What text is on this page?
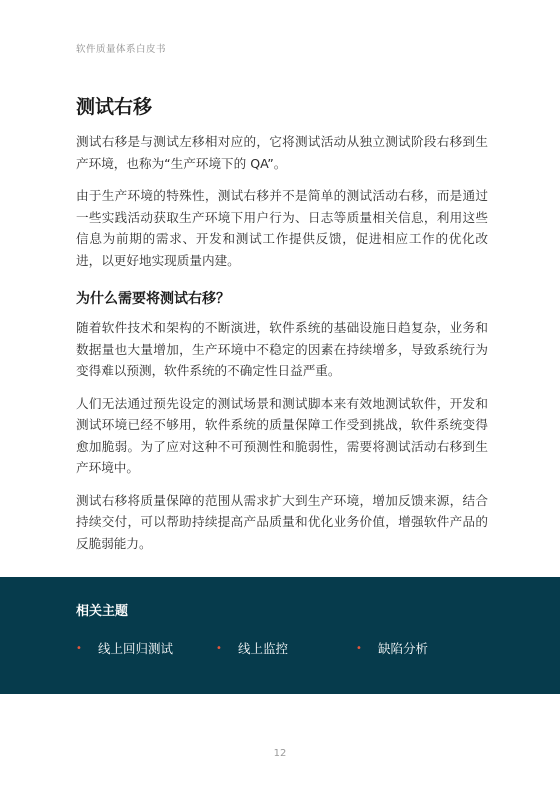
软件质量体系白皮书
测试右移

测试右移是与测试左移相对应的，它将测试活动从独立测试阶段右移到生产环境，也称为“生产环境下的 QA”。

由于生产环境的特殊性，测试右移并不是简单的测试活动右移，而是通过一些实践活动获取生产环境下用户行为、日志等质量相关信息，利用这些信息为前期的需求、开发和测试工作提供反馈，促进相应工作的优化改进，以更好地实现质量内建。

为什么需要将测试右移？

随着软件技术和架构的不断演进，软件系统的基础设施日趋复杂，业务和数据量也大量增加，生产环境中不稳定的因素在持续增多，导致系统行为变得难以预测，软件系统的不确定性日益严重。

人们无法通过预先设定的测试场景和测试脚本来有效地测试软件，开发和测试环境已经不够用，软件系统的质量保障工作受到挑战，软件系统变得愈加脆弱。为了应对这种不可预测性和脆弱性，需要将测试活动右移到生产环境中。

测试右移将质量保障的范围从需求扩大到生产环境，增加反馈来源，结合持续交付，可以帮助持续提高产品质量和优化业务价值，增强软件产品的反脆弱能力。

相关主题
•	线上回归测试	•	线上监控	•	缺陷分析
12
